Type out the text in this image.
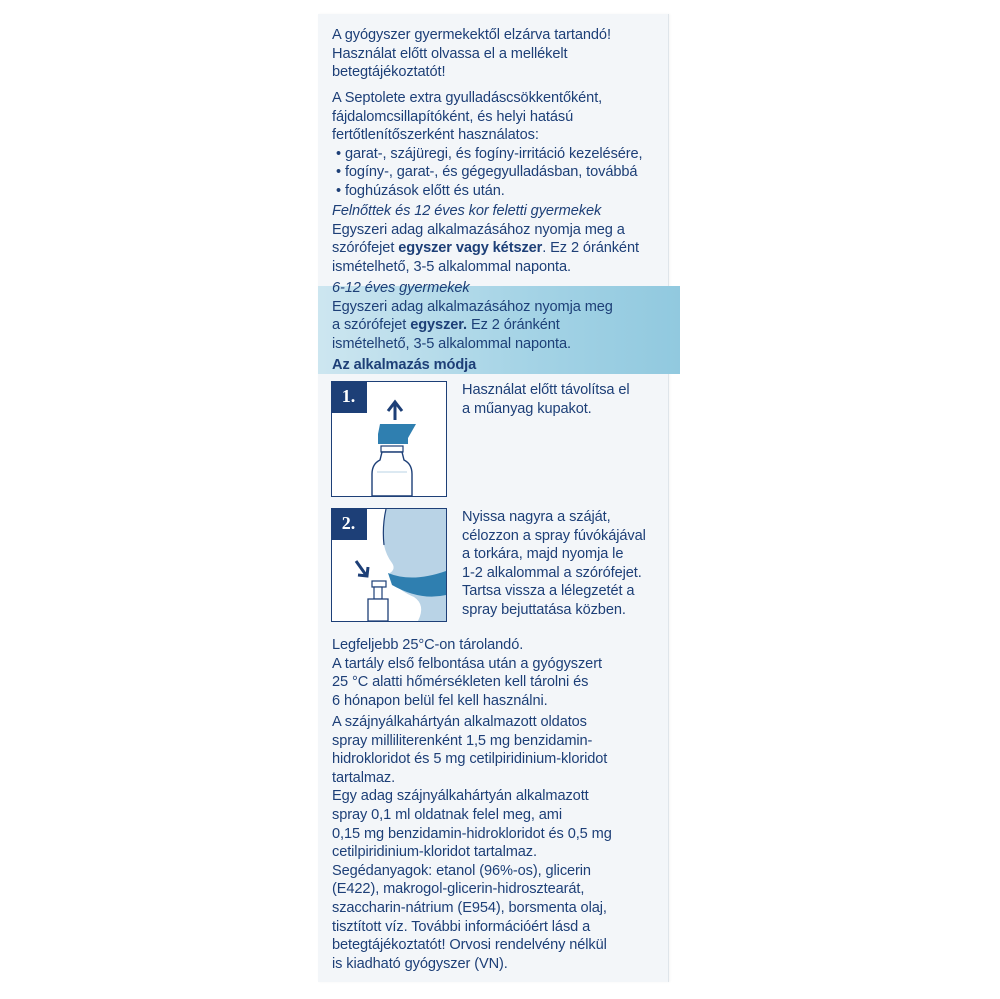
A gyógyszer gyermekektől elzárva tartandó!

Használat előtt olvassa el a mellékelt

betegtájékoztatót!

A Septolete extra gyulladáscsökkentőként,

fájdalomcsillapítóként, és helyi hatású

fertőtlenítőszerként használatos:

• garat-, szájüregi, és fogíny-irritáció kezelésére,

• fogíny-, garat-, és gégegyulladásban, továbbá

• foghúzások előtt és után.

Felnőttek és 12 éves kor feletti gyermekek

Egyszeri adag alkalmazásához nyomja meg a

szórófejet egyszer vagy kétszer. Ez 2 óránként

ismételhető, 3-5 alkalommal naponta.

6-12 éves gyermekek

Egyszeri adag alkalmazásához nyomja meg

a szórófejet egyszer. Ez 2 óránként

ismételhető, 3-5 alkalommal naponta.

Az alkalmazás módja
1.	Használat előtt távolítsa el

a műanyag kupakot.

2.	Nyissa nagyra a száját,

célozzon a spray fúvókájával

a torkára, majd nyomja le

1-2 alkalommal a szórófejet.

Tartsa vissza a lélegzetét a

spray bejuttatása közben.

Legfeljebb 25°C-on tárolandó.

A tartály első felbontása után a gyógyszert

25 °C alatti hőmérsékleten kell tárolni és

6 hónapon belül fel kell használni.

A szájnyálkahártyán alkalmazott oldatos

spray milliliterenként 1,5 mg benzidamin-

hidrokloridot és 5 mg cetilpiridinium-kloridot

tartalmaz.

Egy adag szájnyálkahártyán alkalmazott

spray 0,1 ml oldatnak felel meg, ami

0,15 mg benzidamin-hidrokloridot és 0,5 mg

cetilpiridinium-kloridot tartalmaz.

Segédanyagok: etanol (96%-os), glicerin

(E422), makrogol-glicerin-hidrosztearát,

szaccharin-nátrium (E954), borsmenta olaj,

tisztított víz. További információért lásd a

betegtájékoztatót! Orvosi rendelvény nélkül

is kiadható gyógyszer (VN).
